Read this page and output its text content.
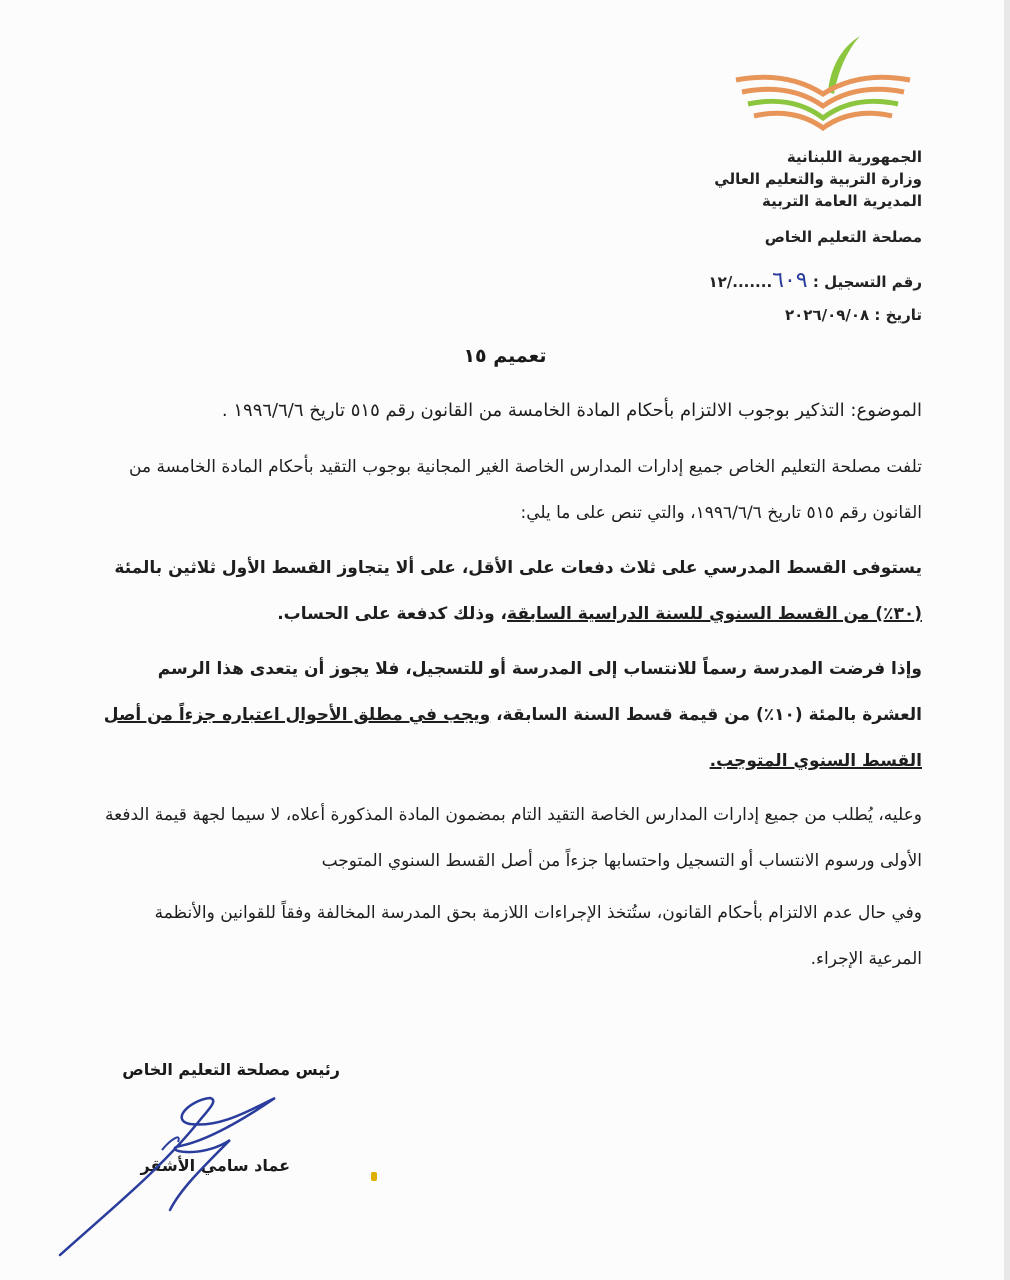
الجمهورية اللبنانية
وزارة التربية والتعليم العالي
المديرية العامة التربية
مصلحة التعليم الخاص
رقم التسجيل : ٦٠٩......./١٢
تاريخ : ٢٠٢٦/٠٩/٠٨
تعميم ١٥
الموضوع: التذكير بوجوب الالتزام بأحكام المادة الخامسة من القانون رقم ٥١٥ تاريخ ١٩٩٦/٦/٦ .
تلفت مصلحة التعليم الخاص جميع إدارات المدارس الخاصة الغير المجانية بوجوب التقيد بأحكام المادة الخامسة من القانون رقم ٥١٥ تاريخ ١٩٩٦/٦/٦، والتي تنص على ما يلي:
يستوفى القسط المدرسي على ثلاث دفعات على الأقل، على ألا يتجاوز القسط الأول ثلاثين بالمئة (٣٠٪) من القسط السنوي للسنة الدراسية السابقة، وذلك كدفعة على الحساب.
وإذا فرضت المدرسة رسماً للانتساب إلى المدرسة أو للتسجيل، فلا يجوز أن يتعدى هذا الرسم العشرة بالمئة (١٠٪) من قيمة قسط السنة السابقة، ويجب في مطلق الأحوال اعتباره جزءاً من أصل القسط السنوي المتوجب.
وعليه، يُطلب من جميع إدارات المدارس الخاصة التقيد التام بمضمون المادة المذكورة أعلاه، لا سيما لجهة قيمة الدفعة الأولى ورسوم الانتساب أو التسجيل واحتسابها جزءاً من أصل القسط السنوي المتوجب
وفي حال عدم الالتزام بأحكام القانون، ستُتخذ الإجراءات اللازمة بحق المدرسة المخالفة وفقاً للقوانين والأنظمة المرعية الإجراء.
رئيس مصلحة التعليم الخاص
عماد سامي الأشقر
